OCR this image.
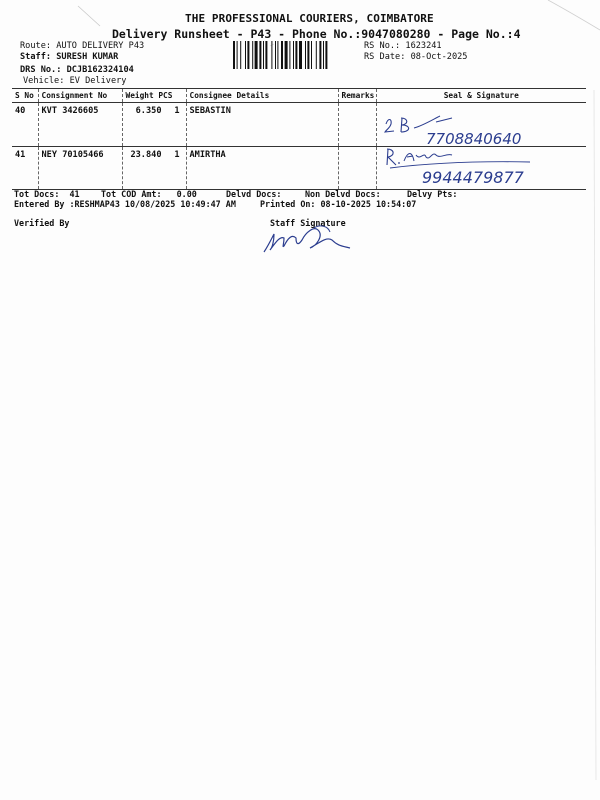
THE PROFESSIONAL COURIERS, COIMBATORE
Delivery Runsheet - P43 - Phone No.:9047080280 - Page No.:4
Route: AUTO DELIVERY P43
Staff: SURESH KUMAR
DRS No.: DCJB162324104
Vehicle: EV Delivery
RS No.: 1623241
RS Date: 08-Oct-2025
S No	Consignment No	Weight PCS	Consignee Details	Remarks	Seal & Signature
40	KVT 3426605	6.350 1	SEBASTIN		
41	NEY 70105466	23.840 1	AMIRTHA		
7708840640
9944479877
Tot Docs:  41	Tot COD Amt:   0.00	Delvd Docs:	Non Delvd Docs:	Delvy Pts:
Entered By :RESHMAP43 10/08/2025 10:49:47 AM	Printed On: 08-10-2025 10:54:07
Verified By	Staff Signature
